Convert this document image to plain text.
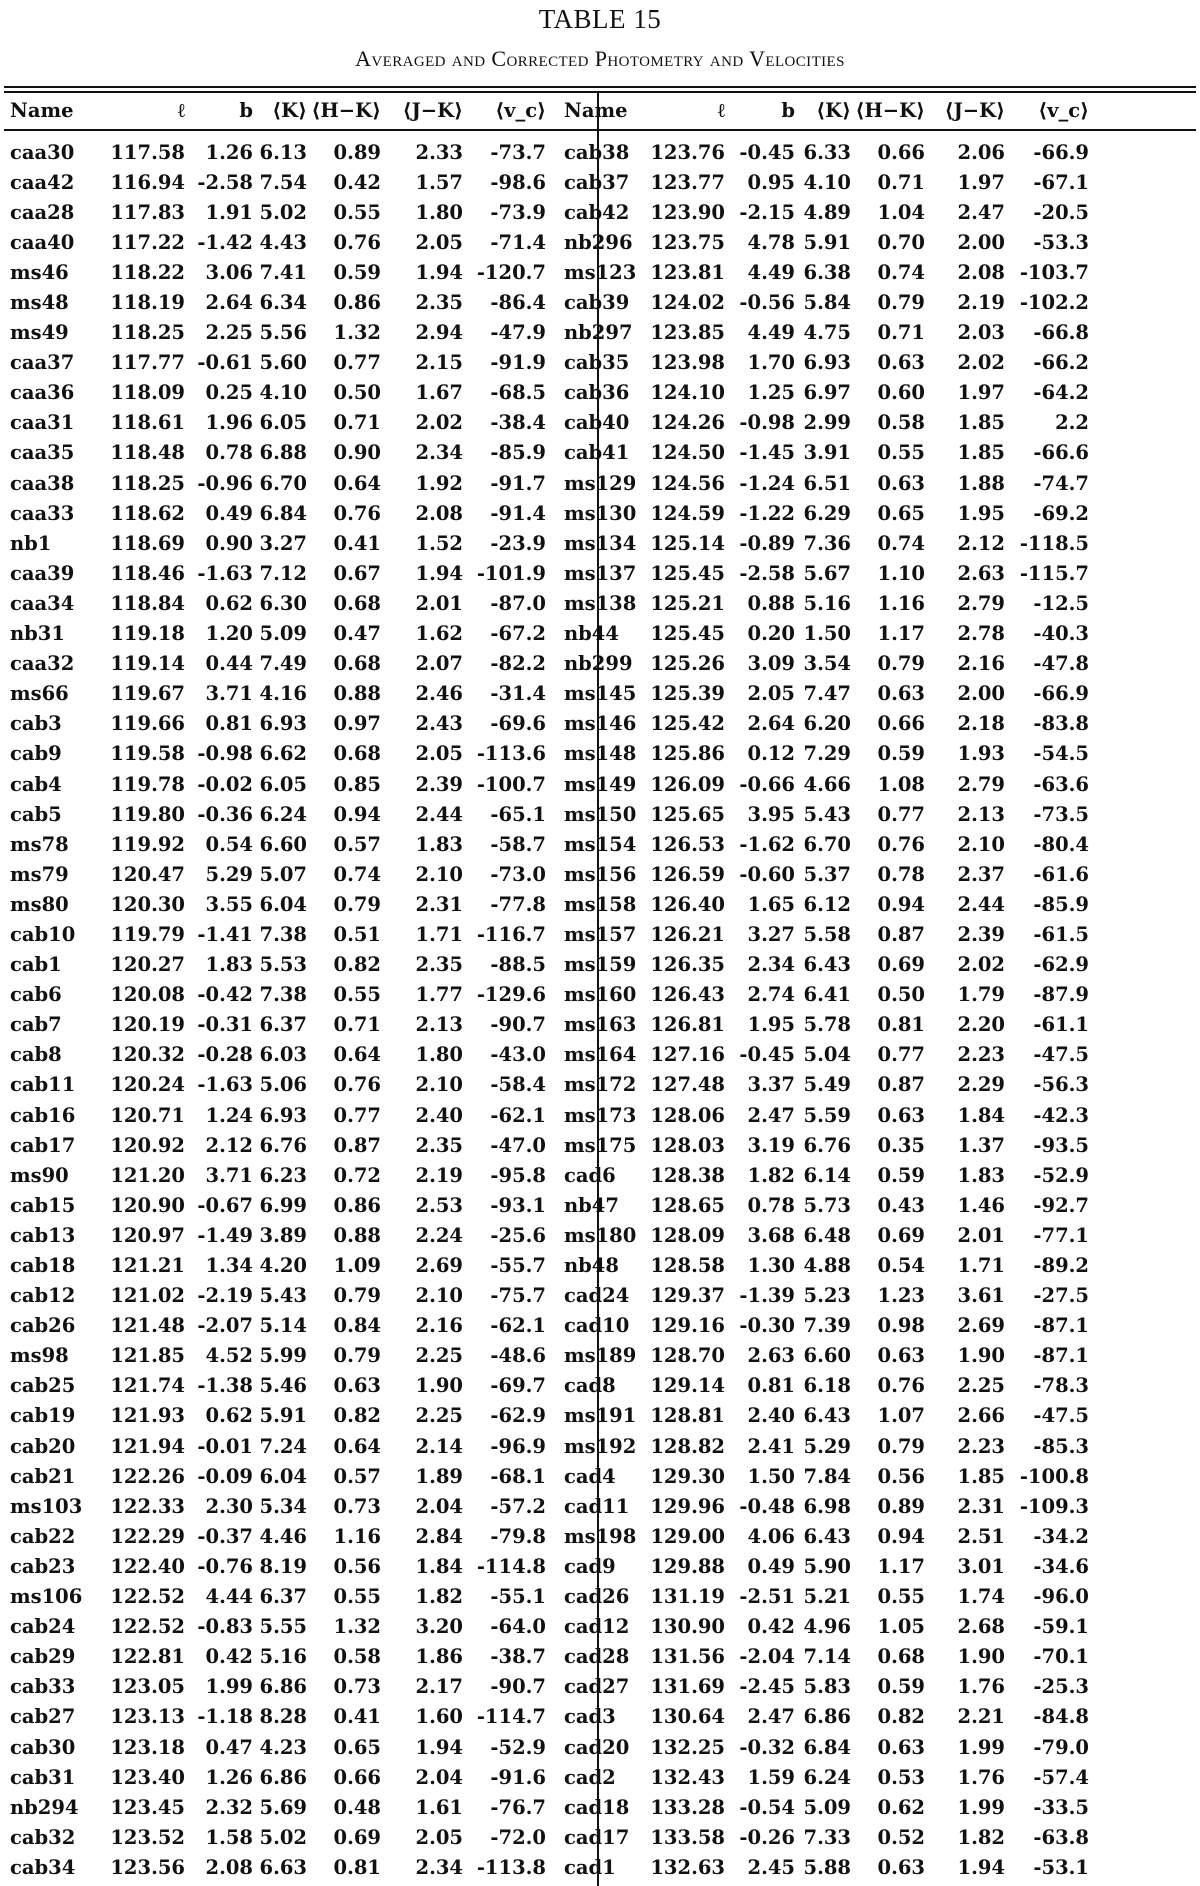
TABLE 15
Averaged and Corrected Photometry and Velocities
Name	ℓ	b	⟨K⟩	⟨H−K⟩	⟨J−K⟩	⟨v_c⟩	Name	ℓ	b	⟨K⟩	⟨H−K⟩	⟨J−K⟩	⟨v_c⟩
caa30	117.58	1.26	6.13	0.89	2.33	-73.7	cab38	123.76	-0.45	6.33	0.66	2.06	-66.9
caa42	116.94	-2.58	7.54	0.42	1.57	-98.6	cab37	123.77	0.95	4.10	0.71	1.97	-67.1
caa28	117.83	1.91	5.02	0.55	1.80	-73.9	cab42	123.90	-2.15	4.89	1.04	2.47	-20.5
caa40	117.22	-1.42	4.43	0.76	2.05	-71.4	nb296	123.75	4.78	5.91	0.70	2.00	-53.3
ms46	118.22	3.06	7.41	0.59	1.94	-120.7	ms123	123.81	4.49	6.38	0.74	2.08	-103.7
ms48	118.19	2.64	6.34	0.86	2.35	-86.4	cab39	124.02	-0.56	5.84	0.79	2.19	-102.2
ms49	118.25	2.25	5.56	1.32	2.94	-47.9	nb297	123.85	4.49	4.75	0.71	2.03	-66.8
caa37	117.77	-0.61	5.60	0.77	2.15	-91.9	cab35	123.98	1.70	6.93	0.63	2.02	-66.2
caa36	118.09	0.25	4.10	0.50	1.67	-68.5	cab36	124.10	1.25	6.97	0.60	1.97	-64.2
caa31	118.61	1.96	6.05	0.71	2.02	-38.4	cab40	124.26	-0.98	2.99	0.58	1.85	2.2
caa35	118.48	0.78	6.88	0.90	2.34	-85.9	cab41	124.50	-1.45	3.91	0.55	1.85	-66.6
caa38	118.25	-0.96	6.70	0.64	1.92	-91.7	ms129	124.56	-1.24	6.51	0.63	1.88	-74.7
caa33	118.62	0.49	6.84	0.76	2.08	-91.4	ms130	124.59	-1.22	6.29	0.65	1.95	-69.2
nb1	118.69	0.90	3.27	0.41	1.52	-23.9	ms134	125.14	-0.89	7.36	0.74	2.12	-118.5
caa39	118.46	-1.63	7.12	0.67	1.94	-101.9	ms137	125.45	-2.58	5.67	1.10	2.63	-115.7
caa34	118.84	0.62	6.30	0.68	2.01	-87.0	ms138	125.21	0.88	5.16	1.16	2.79	-12.5
nb31	119.18	1.20	5.09	0.47	1.62	-67.2	nb44	125.45	0.20	1.50	1.17	2.78	-40.3
caa32	119.14	0.44	7.49	0.68	2.07	-82.2	nb299	125.26	3.09	3.54	0.79	2.16	-47.8
ms66	119.67	3.71	4.16	0.88	2.46	-31.4	ms145	125.39	2.05	7.47	0.63	2.00	-66.9
cab3	119.66	0.81	6.93	0.97	2.43	-69.6	ms146	125.42	2.64	6.20	0.66	2.18	-83.8
cab9	119.58	-0.98	6.62	0.68	2.05	-113.6	ms148	125.86	0.12	7.29	0.59	1.93	-54.5
cab4	119.78	-0.02	6.05	0.85	2.39	-100.7	ms149	126.09	-0.66	4.66	1.08	2.79	-63.6
cab5	119.80	-0.36	6.24	0.94	2.44	-65.1	ms150	125.65	3.95	5.43	0.77	2.13	-73.5
ms78	119.92	0.54	6.60	0.57	1.83	-58.7	ms154	126.53	-1.62	6.70	0.76	2.10	-80.4
ms79	120.47	5.29	5.07	0.74	2.10	-73.0	ms156	126.59	-0.60	5.37	0.78	2.37	-61.6
ms80	120.30	3.55	6.04	0.79	2.31	-77.8	ms158	126.40	1.65	6.12	0.94	2.44	-85.9
cab10	119.79	-1.41	7.38	0.51	1.71	-116.7	ms157	126.21	3.27	5.58	0.87	2.39	-61.5
cab1	120.27	1.83	5.53	0.82	2.35	-88.5	ms159	126.35	2.34	6.43	0.69	2.02	-62.9
cab6	120.08	-0.42	7.38	0.55	1.77	-129.6	ms160	126.43	2.74	6.41	0.50	1.79	-87.9
cab7	120.19	-0.31	6.37	0.71	2.13	-90.7	ms163	126.81	1.95	5.78	0.81	2.20	-61.1
cab8	120.32	-0.28	6.03	0.64	1.80	-43.0	ms164	127.16	-0.45	5.04	0.77	2.23	-47.5
cab11	120.24	-1.63	5.06	0.76	2.10	-58.4	ms172	127.48	3.37	5.49	0.87	2.29	-56.3
cab16	120.71	1.24	6.93	0.77	2.40	-62.1	ms173	128.06	2.47	5.59	0.63	1.84	-42.3
cab17	120.92	2.12	6.76	0.87	2.35	-47.0	ms175	128.03	3.19	6.76	0.35	1.37	-93.5
ms90	121.20	3.71	6.23	0.72	2.19	-95.8	cad6	128.38	1.82	6.14	0.59	1.83	-52.9
cab15	120.90	-0.67	6.99	0.86	2.53	-93.1	nb47	128.65	0.78	5.73	0.43	1.46	-92.7
cab13	120.97	-1.49	3.89	0.88	2.24	-25.6	ms180	128.09	3.68	6.48	0.69	2.01	-77.1
cab18	121.21	1.34	4.20	1.09	2.69	-55.7	nb48	128.58	1.30	4.88	0.54	1.71	-89.2
cab12	121.02	-2.19	5.43	0.79	2.10	-75.7	cad24	129.37	-1.39	5.23	1.23	3.61	-27.5
cab26	121.48	-2.07	5.14	0.84	2.16	-62.1	cad10	129.16	-0.30	7.39	0.98	2.69	-87.1
ms98	121.85	4.52	5.99	0.79	2.25	-48.6	ms189	128.70	2.63	6.60	0.63	1.90	-87.1
cab25	121.74	-1.38	5.46	0.63	1.90	-69.7	cad8	129.14	0.81	6.18	0.76	2.25	-78.3
cab19	121.93	0.62	5.91	0.82	2.25	-62.9	ms191	128.81	2.40	6.43	1.07	2.66	-47.5
cab20	121.94	-0.01	7.24	0.64	2.14	-96.9	ms192	128.82	2.41	5.29	0.79	2.23	-85.3
cab21	122.26	-0.09	6.04	0.57	1.89	-68.1	cad4	129.30	1.50	7.84	0.56	1.85	-100.8
ms103	122.33	2.30	5.34	0.73	2.04	-57.2	cad11	129.96	-0.48	6.98	0.89	2.31	-109.3
cab22	122.29	-0.37	4.46	1.16	2.84	-79.8	ms198	129.00	4.06	6.43	0.94	2.51	-34.2
cab23	122.40	-0.76	8.19	0.56	1.84	-114.8	cad9	129.88	0.49	5.90	1.17	3.01	-34.6
ms106	122.52	4.44	6.37	0.55	1.82	-55.1	cad26	131.19	-2.51	5.21	0.55	1.74	-96.0
cab24	122.52	-0.83	5.55	1.32	3.20	-64.0	cad12	130.90	0.42	4.96	1.05	2.68	-59.1
cab29	122.81	0.42	5.16	0.58	1.86	-38.7	cad28	131.56	-2.04	7.14	0.68	1.90	-70.1
cab33	123.05	1.99	6.86	0.73	2.17	-90.7	cad27	131.69	-2.45	5.83	0.59	1.76	-25.3
cab27	123.13	-1.18	8.28	0.41	1.60	-114.7	cad3	130.64	2.47	6.86	0.82	2.21	-84.8
cab30	123.18	0.47	4.23	0.65	1.94	-52.9	cad20	132.25	-0.32	6.84	0.63	1.99	-79.0
cab31	123.40	1.26	6.86	0.66	2.04	-91.6	cad2	132.43	1.59	6.24	0.53	1.76	-57.4
nb294	123.45	2.32	5.69	0.48	1.61	-76.7	cad18	133.28	-0.54	5.09	0.62	1.99	-33.5
cab32	123.52	1.58	5.02	0.69	2.05	-72.0	cad17	133.58	-0.26	7.33	0.52	1.82	-63.8
cab34	123.56	2.08	6.63	0.81	2.34	-113.8	cad1	132.63	2.45	5.88	0.63	1.94	-53.1
